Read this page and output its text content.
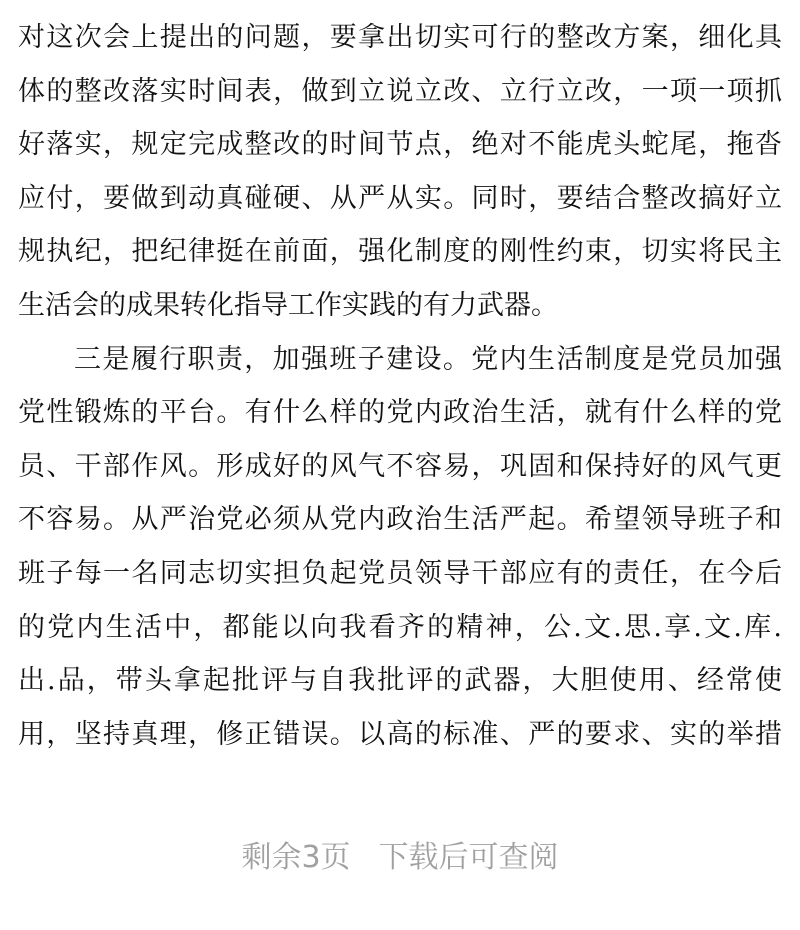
对这次会上提出的问题，要拿出切实可行的整改方案，细化具
体的整改落实时间表，做到立说立改、立行立改，一项一项抓
好落实，规定完成整改的时间节点，绝对不能虎头蛇尾，拖沓
应付，要做到动真碰硬、从严从实。同时，要结合整改搞好立
规执纪，把纪律挺在前面，强化制度的刚性约束，切实将民主
生活会的成果转化指导工作实践的有力武器。
三是履行职责，加强班子建设。党内生活制度是党员加强
党性锻炼的平台。有什么样的党内政治生活，就有什么样的党
员、干部作风。形成好的风气不容易，巩固和保持好的风气更
不容易。从严治党必须从党内政治生活严起。希望领导班子和
班子每一名同志切实担负起党员领导干部应有的责任，在今后
的党内生活中，都能以向我看齐的精神，公.文.思.享.文.库.
出.品，带头拿起批评与自我批评的武器，大胆使用、经常使
用，坚持真理，修正错误。以高的标准、严的要求、实的举措
剩余3页 下载后可查阅
